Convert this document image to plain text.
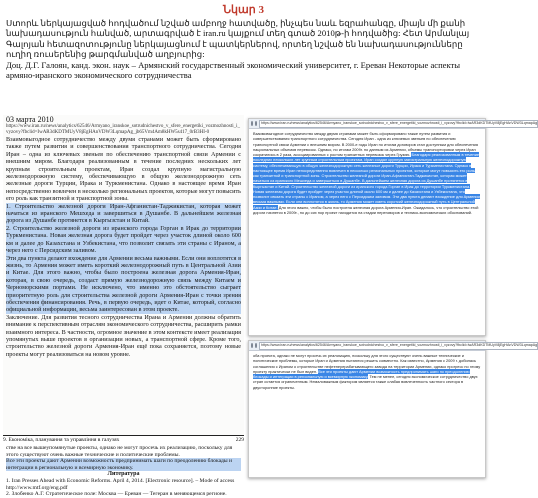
Նկար 3
Ստորև ներկայացված հոդվածում նշված ամբողջ հատվածը, ինչպես նաև եզրահանգը, միայն մի քանի նախադասություն հանված, արտագրված է iran.ru կայքում տեղ գտած 2010թ-ի հոդվածից: Հետ Արմանլայ Գալոյան հետազոտությունը ներկայացնում է պատկերներով, որտեղ նշված են նախադասությունները ուղիղ ռուսերենից թարգմանված աղբյուրից:
Доц. Д.Г. Галоян, канд. экон. наук – Армянский государственный экономический университет, г. Ереван Некоторые аспекты армяно-иранского экономического сотрудничества
03 марта 2010
https://www.iran.ru/news/analytics/62546/Armyano_iranskoe_sotrudnichestvo_v_sfere_energetiki_vozmozhnosti_i_vyzovy?fbclid=IwAR3dKDTMUyV8jEgHAnVDW3LqmapAg_jb65Vm4Am8kHW5s417_0rB3HI-0

Взаимовыгодное сотрудничество между двумя странами может быть сформировано также путем развития и совершенствования транспортного сотрудничества. Сегодня Иран – одна из ключевых звеньев по обеспечению транспортной связи Армении с внешним миром. Благодаря реализованным в течение последних нескольких лет крупным строительным проектам, Иран создал крупную магистральную железнодорожную систему, обеспечивающую в общую железнодорожную сеть железные дороги Турции, Ирака и Туркменистана. Однако в настоящее время Иран непосредственно вовлечен в несколько региональных проектов, которые могут повысить его роль как транзитной и транспортной зоны.

1. Строительство железной дороги Иран-Афганистан-Таджикистан, которая может начаться из иранского Мешхеда и завершиться в Душанбе. В дальнейшем железная дорога из Душанбе протянется в Кыргызстан и Китай.

2. Строительство железной дороги из иранского города Горган в Ирак до территории Туркменистана. Новая железная дорога будет пройдет через участок длиной около 600 км и далее до Казахстана и Узбекистана, что позволит связать эти страны с Ираном, а через него с Персидским заливом.

Эти два пункта делают вхождение для Армении весьма важными. Если они воплотятся в жизнь, то Армения может иметь короткий железнодорожный путь в Центральной Азии и Китае. Для этого важно, чтобы было построена железная дорога Армения-Иран, которая, в свою очередь, создаст прямую железнодорожную связь между Китаем и Черноморскими портами. Не исключено, что именно это обстоятельство сыграет приоритетную роль для строительства железной дороги Армения-Иран с точки зрения обеспечения финансирования. Речь, в первую очередь, идет о Китае, который, согласно официальной информации, весьма заинтересован в этом проекте.

Заключение. Для развития тесного сотрудничества Ирана и Армении должны обратить внимание к перспективным отраслям экономического сотрудничества, расширить рамки взаимного интереса. В частности, огромное значение в этом контексте имеет реализация упомянутых выше проектов в организации новых, а транспортной сфере. Кроме того, строительство железной дороги Армения-Иран ещё пока сохраняется, поэтому новые проекты могут реализоваться на новом уровне.

9. Економіка, планування та управління в галузях	229

стве на все вышеупомянутые проекты, однако не могут просечь их реализацию, поскольку для этого существуют очень важные технические и политические проблемы.

Все эти проекты дают Армении возможность предпринимать шаги по преодолению блокады и интеграции в региональную и всемирную экономику.

Литература

1. Iran Presses Ahead with Economic Reforms. April 4, 2014. [Electronic resource]. – Mode of access http://www.mtf.org/eng.pdf

2. Злобенко А.Г. Стратегическое поле: Москва — Ереван — Тегеран в меняющемся регионе.

https://www.iran.ru/news/analytics/62546/Armyano_iranskoe_sotrudnichestvo_v_sfere_energetiki_vozmozhnosti_i_vyzovy?fbclid=IwAR3dKDTMUyV8jEgHAnVDW3LqmapAg
Взаимовыгодное сотрудничество между двумя странами может быть сформировано также путем развития и совершенствования транспортного сотрудничества. Сегодня Иран - одна из ключевых звеньев по обеспечению транспортной связи Армении с внешним миром. В 2000-е годы Иран по итогам договоров стал доступным для обеспечения национальных объемов перевозок. Однако, по итогам 2009г. по данным из Армении, объемы транспортировки через Иран сократились в 2 раза, ассоциированных с ростом транзитных перевозок через Грузию. Благодаря реализованным в течение последних нескольких лет крупным строительным проектам, Иран создал крупную магистральную железнодорожную систему, обеспечивающую в общую железнодорожную сеть железные дороги Турции, Ирака и Туркменистана. Однако в настоящее время Иран непосредственно вовлечен в несколько региональных проектов, которые могут повысить его роль как транзитной и транспортной зоны. Строительство железной дороги Иран-Афганистан-Таджикистан, которая может начаться из иранского Мешхеда и завершиться в Душанбе. В дальнейшем железная дорога из Душанбе протянется в Кыргызстан и Китай. Строительство железной дороги из иранского города Горган в Ирак до территории Туркменистана. Новая железная дорога будет пройдет через участок длиной около 600 км и далее до Казахстана и Узбекистана, что позволит связать эти страны с Ираном, а через него с Персидским заливом. Эти два пункта делают вхождение для Армении весьма важными. Если они воплотятся в жизнь, то Армения может иметь короткий железнодорожный путь в Центральной Азии и Китае. Для этого важно, чтобы было построена железная дорога Армения-Иран. Ожидалось, что строительство этой дороги начнется в 2009г., но до сих пор проект находится на стадии переговоров и технико-экономических обоснований.
https://www.iran.ru/news/analytics/62546/Armyano_iranskoe_sotrudnichestvo_v_sfere_energetiki_vozmozhnosti_i_vyzovy?fbclid=IwAR3dKDTMUyV8jEgHAnVDW3LqmapAg
оба проекта, однако не могут просечь их реализацию, поскольку для этого существуют очень важные технические и политические проблемы, которые Иран и Армения пытаются решить совместно. Как известно, Армения с 2009 г. добилась соглашения с Ираном о строительстве нефтеперерабатывающего завода на территории Армении, однако прогресс по этому проекту практически не был виден. Все эти проекты дают Армении возможность предпринимать шаги по преодолению блокады и интеграции в региональную и всемирную экономику. Тем не менее, сегодня экономическое сотрудничество двух стран остается ограниченным. Немаловажным фактором является также слабая вовлеченность частного сектора в двусторонние проекты.
